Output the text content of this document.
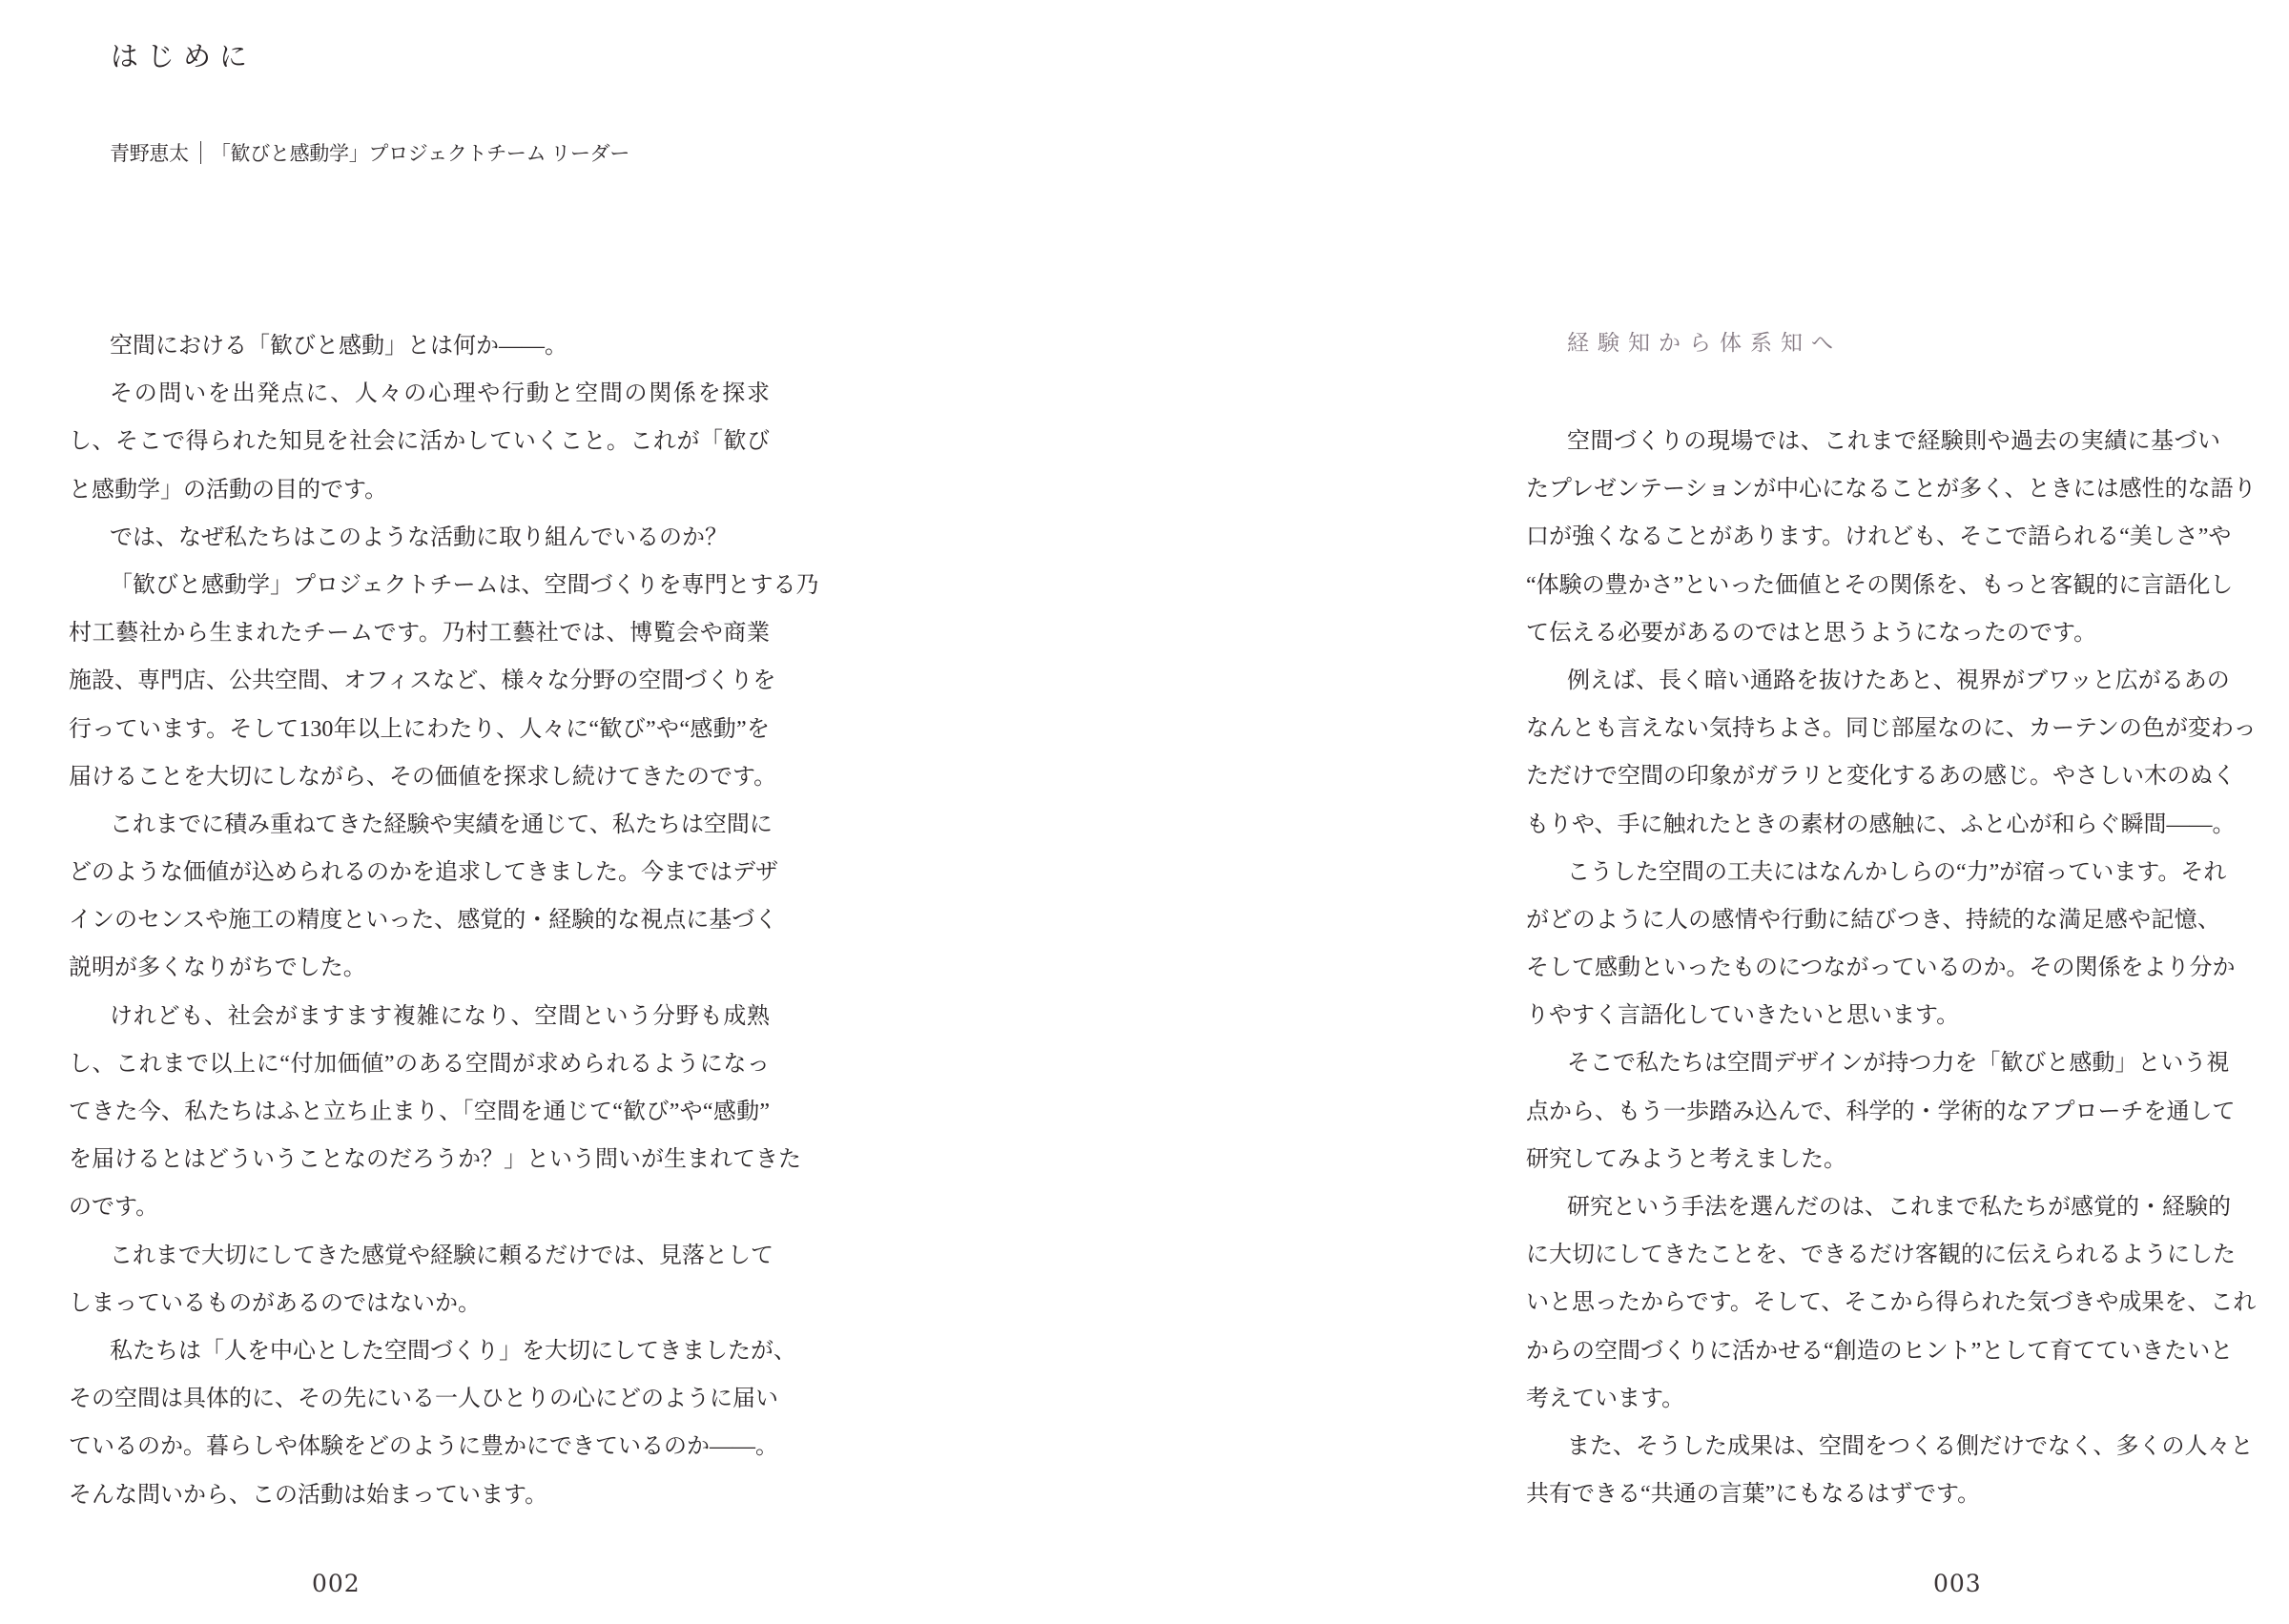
はじめに
青野恵太 「歓びと感動学」プロジェクトチーム リーダー
空間における「歓びと感動」とは何か――。
その問いを出発点に、人々の心理や行動と空間の関係を探求
し、そこで得られた知見を社会に活かしていくこと。これが「歓び
と感動学」の活動の目的です。
では、なぜ私たちはこのような活動に取り組んでいるのか？
「歓びと感動学」プロジェクトチームは、空間づくりを専門とする乃
村工藝社から生まれたチームです。乃村工藝社では、博覧会や商業
施設、専門店、公共空間、オフィスなど、様々な分野の空間づくりを
行っています。そして130年以上にわたり、人々に“歓び”や“感動”を
届けることを大切にしながら、その価値を探求し続けてきたのです。
これまでに積み重ねてきた経験や実績を通じて、私たちは空間に
どのような価値が込められるのかを追求してきました。今まではデザ
インのセンスや施工の精度といった、感覚的・経験的な視点に基づく
説明が多くなりがちでした。
けれども、社会がますます複雑になり、空間という分野も成熟
し、これまで以上に“付加価値”のある空間が求められるようになっ
てきた今、私たちはふと立ち止まり、「空間を通じて“歓び”や“感動”
を届けるとはどういうことなのだろうか？」という問いが生まれてきた
のです。
これまで大切にしてきた感覚や経験に頼るだけでは、見落として
しまっているものがあるのではないか。
私たちは「人を中心とした空間づくり」を大切にしてきましたが、
その空間は具体的に、その先にいる一人ひとりの心にどのように届い
ているのか。暮らしや体験をどのように豊かにできているのか――。
そんな問いから、この活動は始まっています。
002
経験知から体系知へ
空間づくりの現場では、これまで経験則や過去の実績に基づい
たプレゼンテーションが中心になることが多く、ときには感性的な語り
口が強くなることがあります。けれども、そこで語られる“美しさ”や
“体験の豊かさ”といった価値とその関係を、もっと客観的に言語化し
て伝える必要があるのではと思うようになったのです。
例えば、長く暗い通路を抜けたあと、視界がブワッと広がるあの
なんとも言えない気持ちよさ。同じ部屋なのに、カーテンの色が変わっ
ただけで空間の印象がガラリと変化するあの感じ。やさしい木のぬく
もりや、手に触れたときの素材の感触に、ふと心が和らぐ瞬間――。
こうした空間の工夫にはなんかしらの“力”が宿っています。それ
がどのように人の感情や行動に結びつき、持続的な満足感や記憶、
そして感動といったものにつながっているのか。その関係をより分か
りやすく言語化していきたいと思います。
そこで私たちは空間デザインが持つ力を「歓びと感動」という視
点から、もう一歩踏み込んで、科学的・学術的なアプローチを通して
研究してみようと考えました。
研究という手法を選んだのは、これまで私たちが感覚的・経験的
に大切にしてきたことを、できるだけ客観的に伝えられるようにした
いと思ったからです。そして、そこから得られた気づきや成果を、これ
からの空間づくりに活かせる“創造のヒント”として育てていきたいと
考えています。
また、そうした成果は、空間をつくる側だけでなく、多くの人々と
共有できる“共通の言葉”にもなるはずです。
003
